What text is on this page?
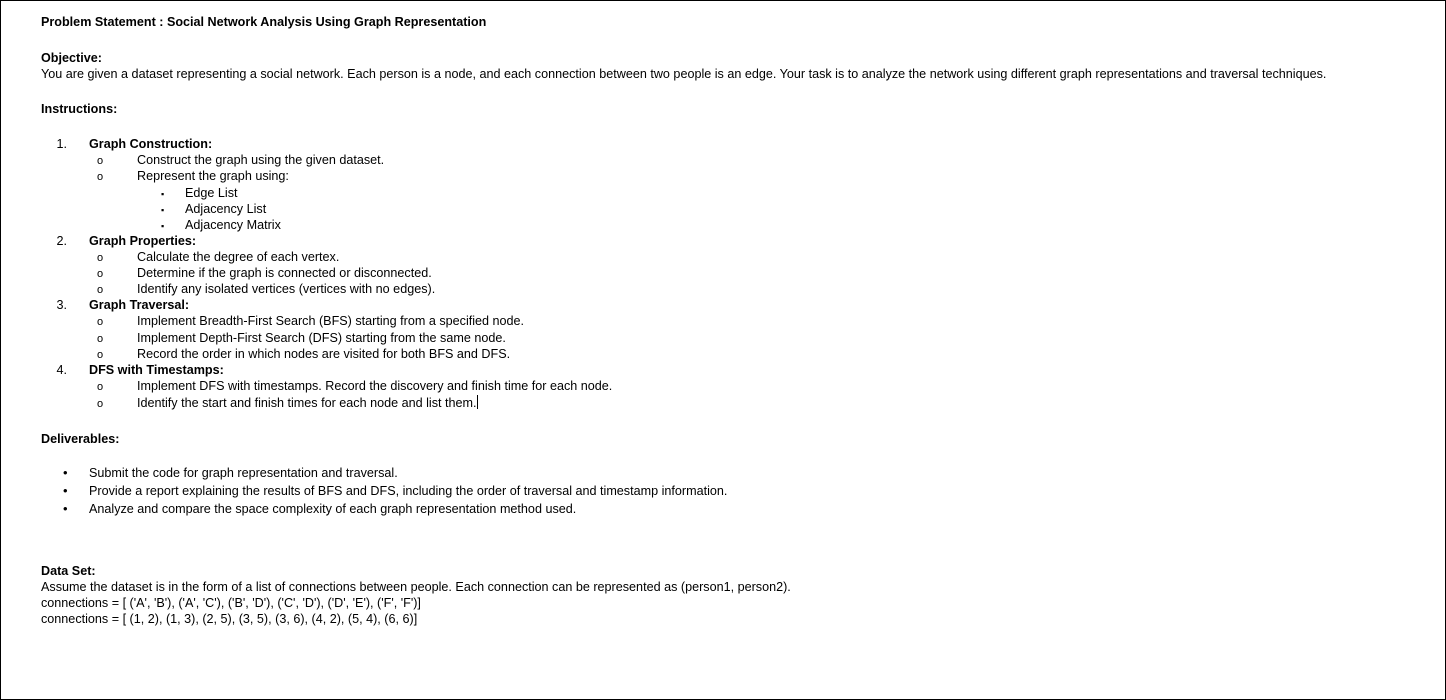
Problem Statement : Social Network Analysis Using Graph Representation

Objective:

You are given a dataset representing a social network. Each person is a node, and each connection between two people is an edge. Your task is to analyze the network using different graph representations and traversal techniques.

Instructions:

1.	Graph Construction:
o	Construct the graph using the given dataset.
o	Represent the graph using:
▪	Edge List
▪	Adjacency List
▪	Adjacency Matrix
2.	Graph Properties:
o	Calculate the degree of each vertex.
o	Determine if the graph is connected or disconnected.
o	Identify any isolated vertices (vertices with no edges).
3.	Graph Traversal:
o	Implement Breadth-First Search (BFS) starting from a specified node.
o	Implement Depth-First Search (DFS) starting from the same node.
o	Record the order in which nodes are visited for both BFS and DFS.
4.	DFS with Timestamps:
o	Implement DFS with timestamps. Record the discovery and finish time for each node.
o	Identify the start and finish times for each node and list them.

Deliverables:

•	Submit the code for graph representation and traversal.
•	Provide a report explaining the results of BFS and DFS, including the order of traversal and timestamp information.
•	Analyze and compare the space complexity of each graph representation method used.

Data Set:

Assume the dataset is in the form of a list of connections between people. Each connection can be represented as (person1, person2).

connections = [ ('A', 'B'), ('A', 'C'), ('B', 'D'), ('C', 'D'), ('D', 'E'), ('F', 'F')]

connections = [ (1, 2), (1, 3), (2, 5), (3, 5), (3, 6), (4, 2), (5, 4), (6, 6)]
